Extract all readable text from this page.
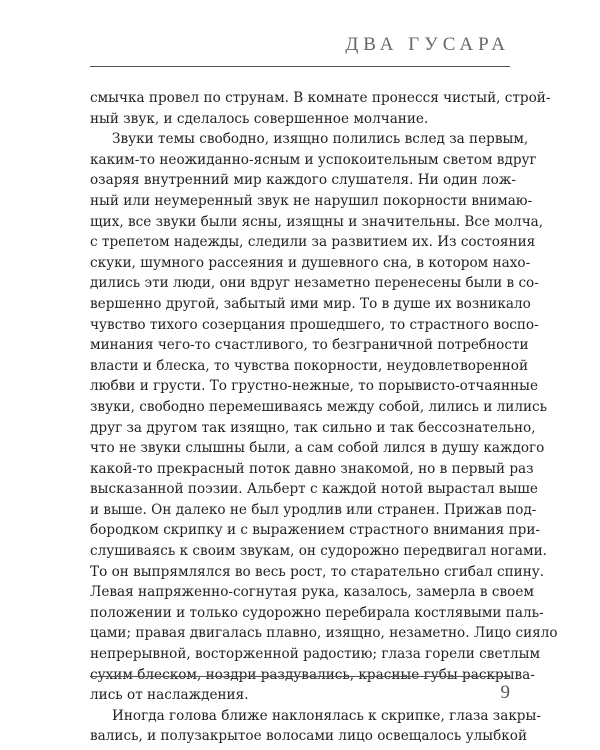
ДВА ГУСАРА
смычка провел по струнам. В комнате пронесся чистый, строй-
ный звук, и сделалось совершенное молчание.
Звуки темы свободно, изящно полились вслед за первым,
каким-то неожиданно-ясным и успокоительным светом вдруг
озаряя внутренний мир каждого слушателя. Ни один лож-
ный или неумеренный звук не нарушил покорности внимаю-
щих, все звуки были ясны, изящны и значительны. Все молча,
с трепетом надежды, следили за развитием их. Из состояния
скуки, шумного рассеяния и душевного сна, в котором нахо-
дились эти люди, они вдруг незаметно перенесены были в со-
вершенно другой, забытый ими мир. То в душе их возникало
чувство тихого созерцания прошедшего, то страстного воспо-
минания чего-то счастливого, то безграничной потребности
власти и блеска, то чувства покорности, неудовлетворенной
любви и грусти. То грустно-нежные, то порывисто-отчаянные
звуки, свободно перемешиваясь между собой, лились и лились
друг за другом так изящно, так сильно и так бессознательно,
что не звуки слышны были, а сам собой лился в душу каждого
какой-то прекрасный поток давно знакомой, но в первый раз
высказанной поэзии. Альберт с каждой нотой вырастал выше
и выше. Он далеко не был уродлив или странен. Прижав под-
бородком скрипку и с выражением страстного внимания при-
слушиваясь к своим звукам, он судорожно передвигал ногами.
То он выпрямлялся во весь рост, то старательно сгибал спину.
Левая напряженно-согнутая рука, казалось, замерла в своем
положении и только судорожно перебирала костлявыми паль-
цами; правая двигалась плавно, изящно, незаметно. Лицо сияло
непрерывной, восторженной радостию; глаза горели светлым
сухим блеском, ноздри раздувались, красные губы раскрыва-
лись от наслаждения.
Иногда голова ближе наклонялась к скрипке, глаза закры-
вались, и полузакрытое волосами лицо освещалось улыбкой
9
